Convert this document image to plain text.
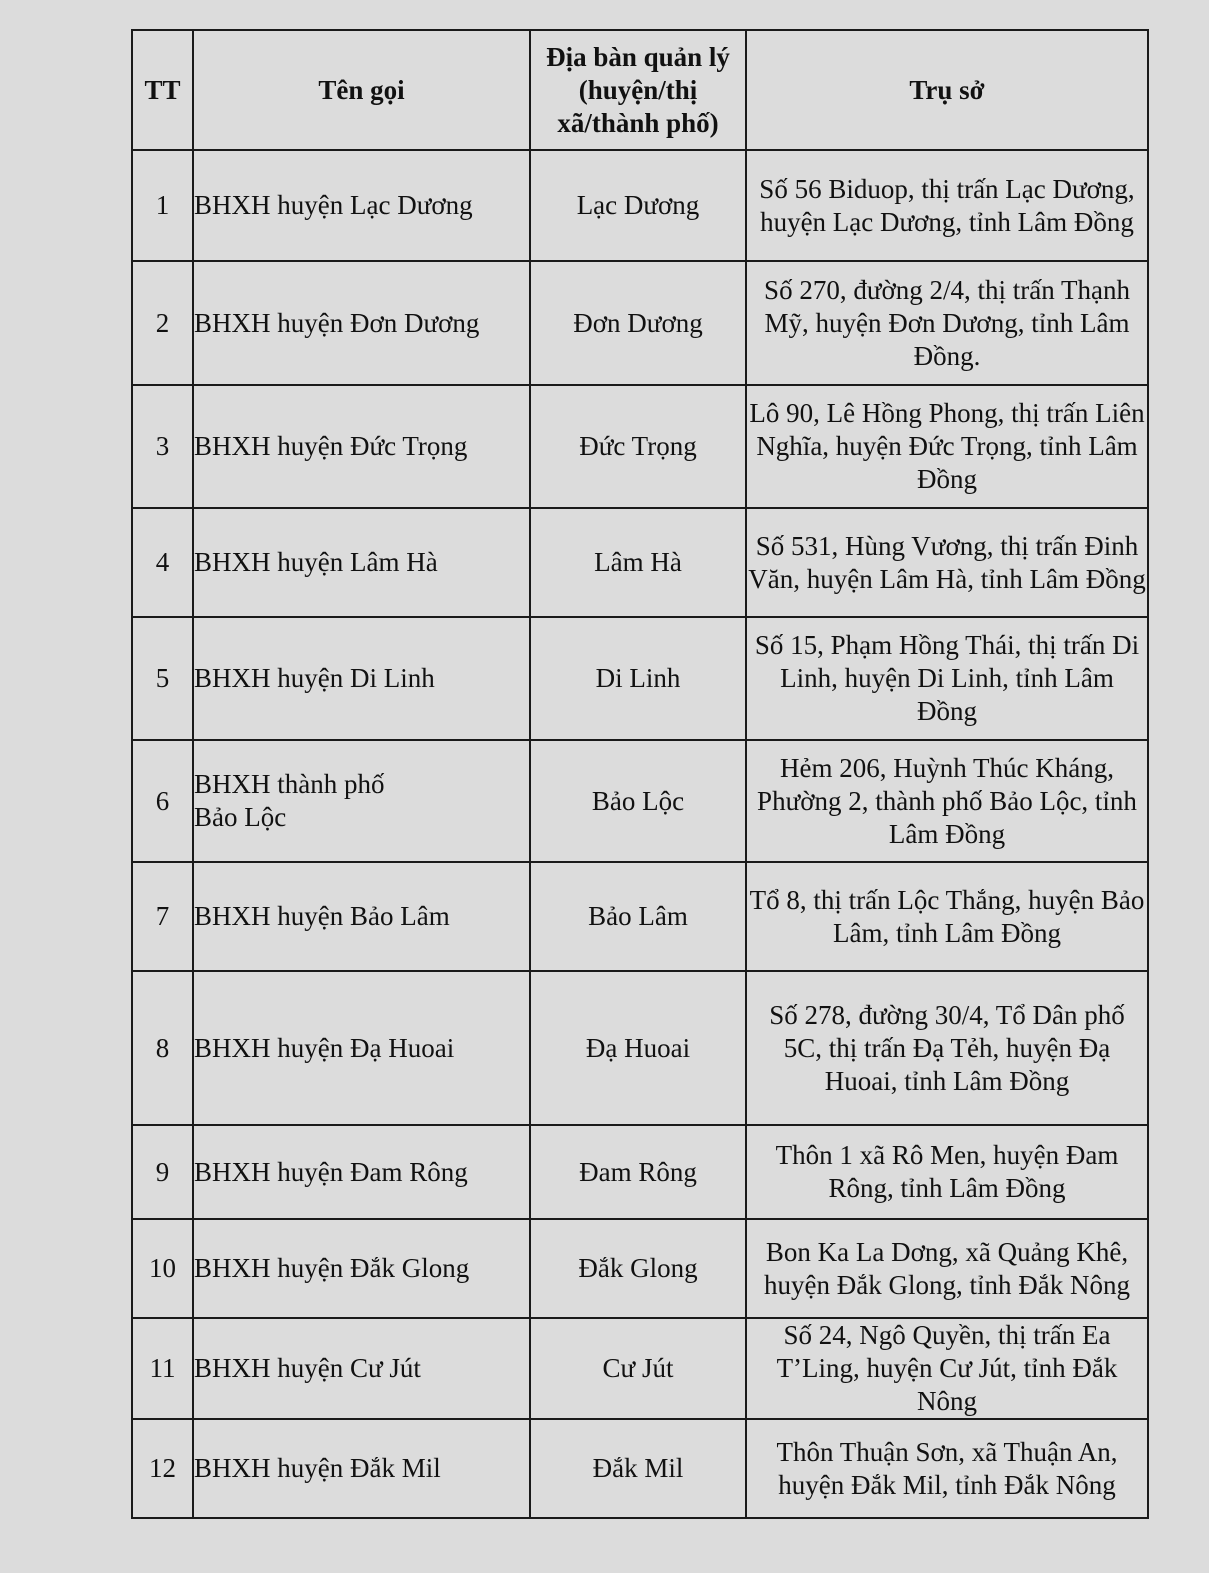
TT	Tên gọi	Địa bàn quản lý (huyện/thị xã/thành phố)	Trụ sở
1	BHXH huyện Lạc Dương	Lạc Dương	Số 56 Biduop, thị trấn Lạc Dương, huyện Lạc Dương, tỉnh Lâm Đồng
2	BHXH huyện Đơn Dương	Đơn Dương	Số 270, đường 2/4, thị trấn Thạnh Mỹ, huyện Đơn Dương, tỉnh Lâm Đồng.
3	BHXH huyện Đức Trọng	Đức Trọng	Lô 90, Lê Hồng Phong, thị trấn Liên Nghĩa, huyện Đức Trọng, tỉnh Lâm Đồng
4	BHXH huyện Lâm Hà	Lâm Hà	Số 531, Hùng Vương, thị trấn Đinh Văn, huyện Lâm Hà, tỉnh Lâm Đồng
5	BHXH huyện Di Linh	Di Linh	Số 15, Phạm Hồng Thái, thị trấn Di Linh, huyện Di Linh, tỉnh Lâm Đồng
6	BHXH thành phố Bảo Lộc	Bảo Lộc	Hẻm 206, Huỳnh Thúc Kháng, Phường 2, thành phố Bảo Lộc, tỉnh Lâm Đồng
7	BHXH huyện Bảo Lâm	Bảo Lâm	Tổ 8, thị trấn Lộc Thắng, huyện Bảo Lâm, tỉnh Lâm Đồng
8	BHXH huyện Đạ Huoai	Đạ Huoai	Số 278, đường 30/4, Tổ Dân phố 5C, thị trấn Đạ Tẻh, huyện Đạ Huoai, tỉnh Lâm Đồng
9	BHXH huyện Đam Rông	Đam Rông	Thôn 1 xã Rô Men, huyện Đam Rông, tỉnh Lâm Đồng
10	BHXH huyện Đắk Glong	Đắk Glong	Bon Ka La Dơng, xã Quảng Khê, huyện Đắk Glong, tỉnh Đắk Nông
11	BHXH huyện Cư Jút	Cư Jút	Số 24, Ngô Quyền, thị trấn Ea T’Ling, huyện Cư Jút, tỉnh Đắk Nông
12	BHXH huyện Đắk Mil	Đắk Mil	Thôn Thuận Sơn, xã Thuận An, huyện Đắk Mil, tỉnh Đắk Nông
